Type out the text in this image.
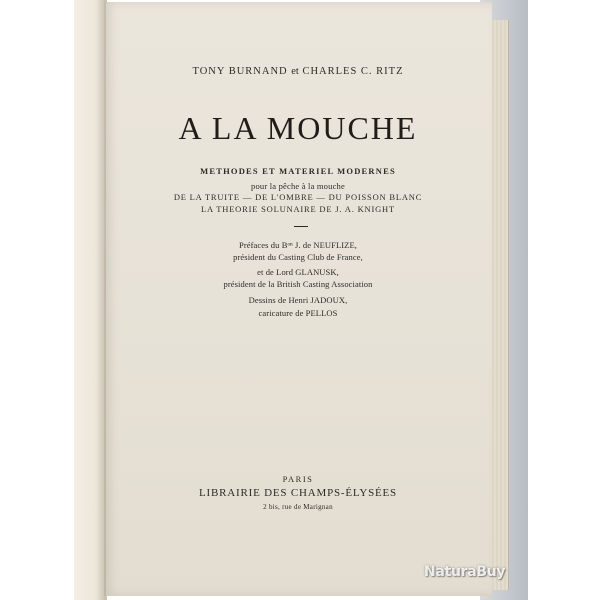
TONY BURNAND et CHARLES C. RITZ
A LA MOUCHE
METHODES ET MATERIEL MODERNES
pour la pêche à la mouche
DE LA TRUITE — DE L'OMBRE — DU POISSON BLANC
LA THEORIE SOLUNAIRE DE J. A. KNIGHT
Préfaces du Bᵒⁿ J. de NEUFLIZE,
président du Casting Club de France,
et de Lord GLANUSK,
président de la British Casting Association
Dessins de Henri JADOUX,
caricature de PELLOS
PARIS
LIBRAIRIE DES CHAMPS-ÉLYSÉES
2 bis, rue de Marignan
NaturaBuy
